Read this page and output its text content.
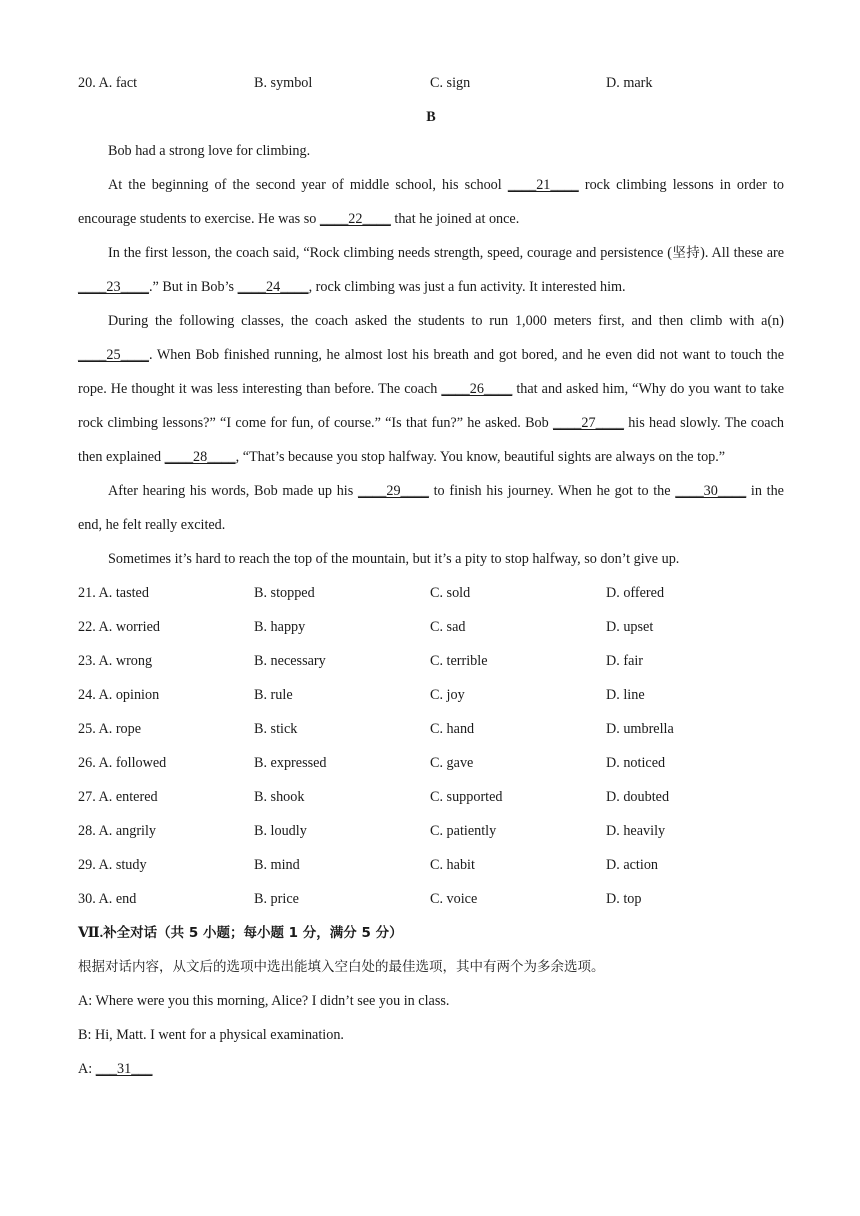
20. A. fact	B. symbol	C. sign	D. mark
B
Bob had a strong love for climbing.
At the beginning of the second year of middle school, his school ____21____ rock climbing lessons in order to encourage students to exercise. He was so ____22____ that he joined at once.
In the first lesson, the coach said, “Rock climbing needs strength, speed, courage and persistence (坚持). All these are ____23____.” But in Bob’s ____24____, rock climbing was just a fun activity. It interested him.
During the following classes, the coach asked the students to run 1,000 meters first, and then climb with a(n) ____25____. When Bob finished running, he almost lost his breath and got bored, and he even did not want to touch the rope. He thought it was less interesting than before. The coach ____26____ that and asked him, “Why do you want to take rock climbing lessons?” “I come for fun, of course.” “Is that fun?” he asked. Bob ____27____ his head slowly. The coach then explained ____28____, “That’s because you stop halfway. You know, beautiful sights are always on the top.”
After hearing his words, Bob made up his ____29____ to finish his journey. When he got to the ____30____ in the end, he felt really excited.
Sometimes it’s hard to reach the top of the mountain, but it’s a pity to stop halfway, so don’t give up.
21. A. tasted	B. stopped	C. sold	D. offered
22. A. worried	B. happy	C. sad	D. upset
23. A. wrong	B. necessary	C. terrible	D. fair
24. A. opinion	B. rule	C. joy	D. line
25. A. rope	B. stick	C. hand	D. umbrella
26. A. followed	B. expressed	C. gave	D. noticed
27. A. entered	B. shook	C. supported	D. doubted
28. A. angrily	B. loudly	C. patiently	D. heavily
29. A. study	B. mind	C. habit	D. action
30. A. end	B. price	C. voice	D. top
Ⅶ.补全对话（共 5 小题；每小题 1 分，满分 5 分）
根据对话内容，从文后的选项中选出能填入空白处的最佳选项，其中有两个为多余选项。
A: Where were you this morning, Alice? I didn’t see you in class.
B: Hi, Matt. I went for a physical examination.
A: ___31___
